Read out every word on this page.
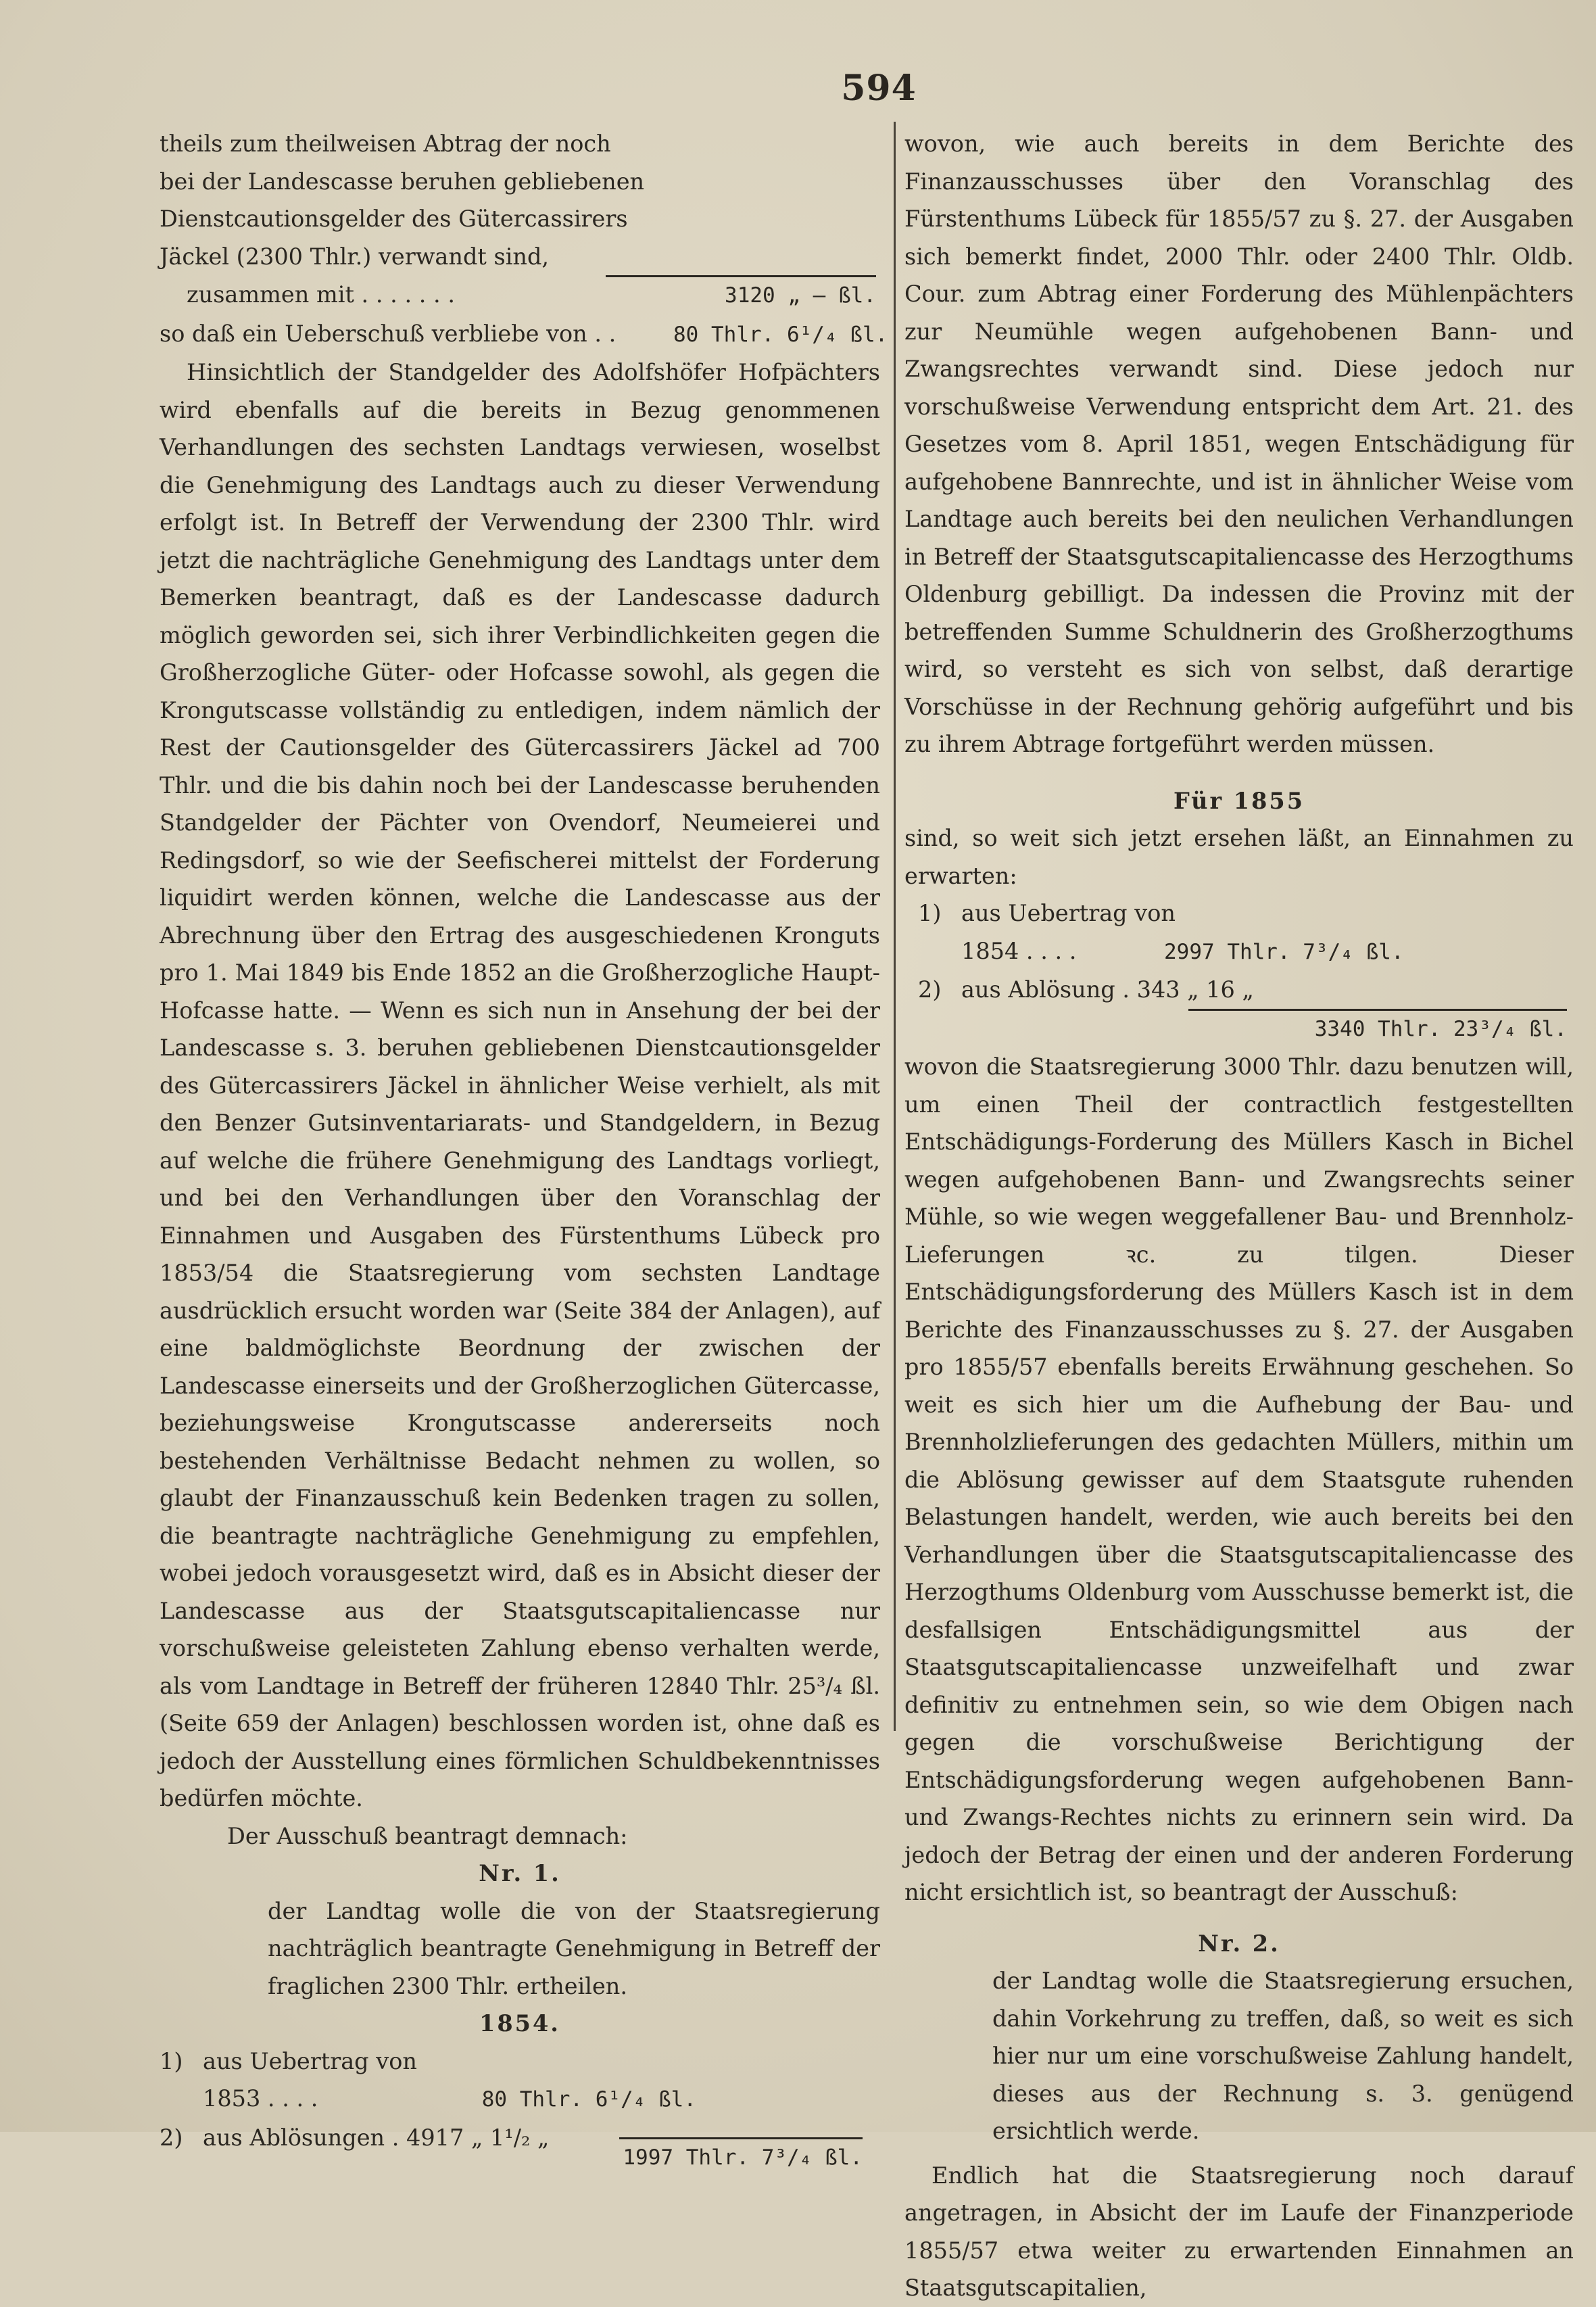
594

theils zum theilweisen Abtrag der noch

bei der Landescasse beruhen gebliebenen

Dienstcautionsgelder des Gütercassirers

Jäckel (2300 Thlr.) verwandt sind,

zusammen mit . . . . . . .	3120 „ — ßl.
so daß ein Ueberschuß verbliebe von . .	80 Thlr. 6¹/₄ ßl.

Hinsichtlich der Standgelder des Adolfshöfer Hofpächters wird ebenfalls auf die bereits in Bezug genommenen Verhandlungen des sechsten Landtags verwiesen, woselbst die Genehmigung des Landtags auch zu dieser Verwendung erfolgt ist. In Betreff der Verwendung der 2300 Thlr. wird jetzt die nachträgliche Genehmigung des Landtags unter dem Bemerken beantragt, daß es der Landescasse dadurch möglich geworden sei, sich ihrer Verbindlichkeiten gegen die Großherzogliche Güter- oder Hofcasse sowohl, als gegen die Krongutscasse vollständig zu entledigen, indem nämlich der Rest der Cautionsgelder des Gütercassirers Jäckel ad 700 Thlr. und die bis dahin noch bei der Landescasse beruhenden Standgelder der Pächter von Ovendorf, Neumeierei und Redingsdorf, so wie der Seefischerei mittelst der Forderung liquidirt werden können, welche die Landescasse aus der Abrechnung über den Ertrag des ausgeschiedenen Kronguts pro 1. Mai 1849 bis Ende 1852 an die Großherzogliche Haupt-Hofcasse hatte. — Wenn es sich nun in Ansehung der bei der Landescasse s. 3. beruhen gebliebenen Dienstcautionsgelder des Gütercassirers Jäckel in ähnlicher Weise verhielt, als mit den Benzer Gutsinventariarats- und Standgeldern, in Bezug auf welche die frühere Genehmigung des Landtags vorliegt, und bei den Verhandlungen über den Voranschlag der Einnahmen und Ausgaben des Fürstenthums Lübeck pro 1853/54 die Staatsregierung vom sechsten Landtage ausdrücklich ersucht worden war (Seite 384 der Anlagen), auf eine baldmöglichste Beordnung der zwischen der Landescasse einerseits und der Großherzoglichen Gütercasse, beziehungsweise Krongutscasse andererseits noch bestehenden Verhältnisse Bedacht nehmen zu wollen, so glaubt der Finanzausschuß kein Bedenken tragen zu sollen, die beantragte nachträgliche Genehmigung zu empfehlen, wobei jedoch vorausgesetzt wird, daß es in Absicht dieser der Landescasse aus der Staatsgutscapitaliencasse nur vorschußweise geleisteten Zahlung ebenso verhalten werde, als vom Landtage in Betreff der früheren 12840 Thlr. 25³/₄ ßl. (Seite 659 der Anlagen) beschlossen worden ist, ohne daß es jedoch der Ausstellung eines förmlichen Schuldbekenntnisses bedürfen möchte.

Der Ausschuß beantragt demnach:

Nr. 1.

der Landtag wolle die von der Staatsregierung nachträglich beantragte Genehmigung in Betreff der fraglichen 2300 Thlr. ertheilen.

1854.

1) aus Uebertrag von
1853 . . . .	80 Thlr. 6¹/₄ ßl.
2) aus Ablösungen . 4917 „ 1¹/₂ „
1997 Thlr. 7³/₄ ßl.

wovon, wie auch bereits in dem Berichte des Finanzausschusses über den Voranschlag des Fürstenthums Lübeck für 1855/57 zu §. 27. der Ausgaben sich bemerkt findet, 2000 Thlr. oder 2400 Thlr. Oldb. Cour. zum Abtrag einer Forderung des Mühlenpächters zur Neumühle wegen aufgehobenen Bann- und Zwangsrechtes verwandt sind. Diese jedoch nur vorschußweise Verwendung entspricht dem Art. 21. des Gesetzes vom 8. April 1851, wegen Entschädigung für aufgehobene Bannrechte, und ist in ähnlicher Weise vom Landtage auch bereits bei den neulichen Verhandlungen in Betreff der Staatsgutscapitaliencasse des Herzogthums Oldenburg gebilligt. Da indessen die Provinz mit der betreffenden Summe Schuldnerin des Großherzogthums wird, so versteht es sich von selbst, daß derartige Vorschüsse in der Rechnung gehörig aufgeführt und bis zu ihrem Abtrage fortgeführt werden müssen.

Für 1855

sind, so weit sich jetzt ersehen läßt, an Einnahmen zu erwarten:

1) aus Uebertrag von
1854 . . . .	2997 Thlr. 7³/₄ ßl.
2) aus Ablösung . 343 „ 16 „
3340 Thlr. 23³/₄ ßl.

wovon die Staatsregierung 3000 Thlr. dazu benutzen will, um einen Theil der contractlich festgestellten Entschädigungs-Forderung des Müllers Kasch in Bichel wegen aufgehobenen Bann- und Zwangsrechts seiner Mühle, so wie wegen weggefallener Bau- und Brennholz-Lieferungen ꝛc. zu tilgen. Dieser Entschädigungsforderung des Müllers Kasch ist in dem Berichte des Finanzausschusses zu §. 27. der Ausgaben pro 1855/57 ebenfalls bereits Erwähnung geschehen. So weit es sich hier um die Aufhebung der Bau- und Brennholzlieferungen des gedachten Müllers, mithin um die Ablösung gewisser auf dem Staatsgute ruhenden Belastungen handelt, werden, wie auch bereits bei den Verhandlungen über die Staatsgutscapitaliencasse des Herzogthums Oldenburg vom Ausschusse bemerkt ist, die desfallsigen Entschädigungsmittel aus der Staatsgutscapitaliencasse unzweifelhaft und zwar definitiv zu entnehmen sein, so wie dem Obigen nach gegen die vorschußweise Berichtigung der Entschädigungsforderung wegen aufgehobenen Bann- und Zwangs-Rechtes nichts zu erinnern sein wird. Da jedoch der Betrag der einen und der anderen Forderung nicht ersichtlich ist, so beantragt der Ausschuß:

Nr. 2.

der Landtag wolle die Staatsregierung ersuchen, dahin Vorkehrung zu treffen, daß, so weit es sich hier nur um eine vorschußweise Zahlung handelt, dieses aus der Rechnung s. 3. genügend ersichtlich werde.

Endlich hat die Staatsregierung noch darauf angetragen, in Absicht der im Laufe der Finanzperiode 1855/57 etwa weiter zu erwartenden Einnahmen an Staatsgutscapitalien,
